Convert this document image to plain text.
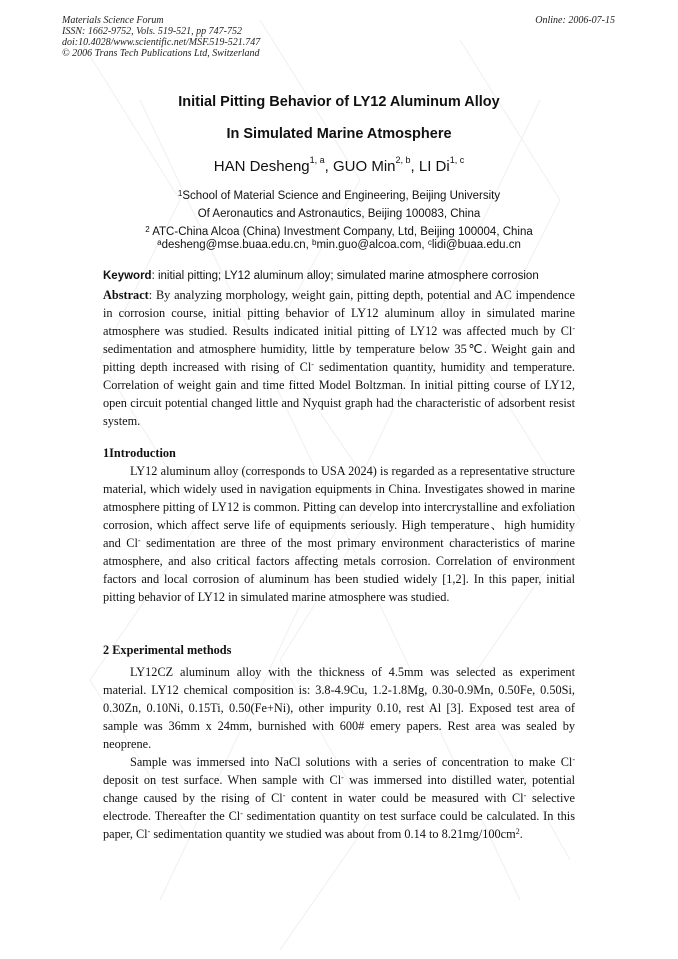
Materials Science Forum
ISSN: 1662-9752, Vols. 519-521, pp 747-752
doi:10.4028/www.scientific.net/MSF.519-521.747
© 2006 Trans Tech Publications Ltd, Switzerland
Online: 2006-07-15
Initial Pitting Behavior of LY12 Aluminum Alloy
In Simulated Marine Atmosphere
HAN Desheng$^{1, a}$, GUO Min$^{2, b}$, LI Di$^{1, c}$
$^1$School of Material Science and Engineering, Beijing University
Of Aeronautics and Astronautics, Beijing 100083, China
$^2$ ATC-China Alcoa (China) Investment Company, Ltd, Beijing 100004, China
$^a$desheng@mse.buaa.edu.cn, $^b$min.guo@alcoa.com, $^c$lidi@buaa.edu.cn
Keyword: initial pitting; LY12 aluminum alloy; simulated marine atmosphere corrosion
Abstract: By analyzing morphology, weight gain, pitting depth, potential and AC impendence in corrosion course, initial pitting behavior of LY12 aluminum alloy in simulated marine atmosphere was studied. Results indicated initial pitting of LY12 was affected much by Cl- sedimentation and atmosphere humidity, little by temperature below 35℃. Weight gain and pitting depth increased with rising of Cl- sedimentation quantity, humidity and temperature. Correlation of weight gain and time fitted Model Boltzman. In initial pitting course of LY12, open circuit potential changed little and Nyquist graph had the characteristic of adsorbent resist system.
1Introduction

LY12 aluminum alloy (corresponds to USA 2024) is regarded as a representative structure material, which widely used in navigation equipments in China. Investigates showed in marine atmosphere pitting of LY12 is common. Pitting can develop into intercrystalline and exfoliation corrosion, which affect serve life of equipments seriously. High temperature、high humidity and Cl- sedimentation are three of the most primary environment characteristics of marine atmosphere, and also critical factors affecting metals corrosion. Correlation of environment factors and local corrosion of aluminum has been studied widely [1,2]. In this paper, initial pitting behavior of LY12 in simulated marine atmosphere was studied.

2 Experimental methods

LY12CZ aluminum alloy with the thickness of 4.5mm was selected as experiment material. LY12 chemical composition is: 3.8-4.9Cu, 1.2-1.8Mg, 0.30-0.9Mn, 0.50Fe, 0.50Si, 0.30Zn, 0.10Ni, 0.15Ti, 0.50(Fe+Ni), other impurity 0.10, rest Al [3]. Exposed test area of sample was 36mm x 24mm, burnished with 600# emery papers. Rest area was sealed by neoprene.

Sample was immersed into NaCl solutions with a series of concentration to make Cl- deposit on test surface. When sample with Cl- was immersed into distilled water, potential change caused by the rising of Cl- content in water could be measured with Cl- selective electrode. Thereafter the Cl- sedimentation quantity on test surface could be calculated. In this paper, Cl- sedimentation quantity we studied was about from 0.14 to $8.21mg/100cm^2$.
